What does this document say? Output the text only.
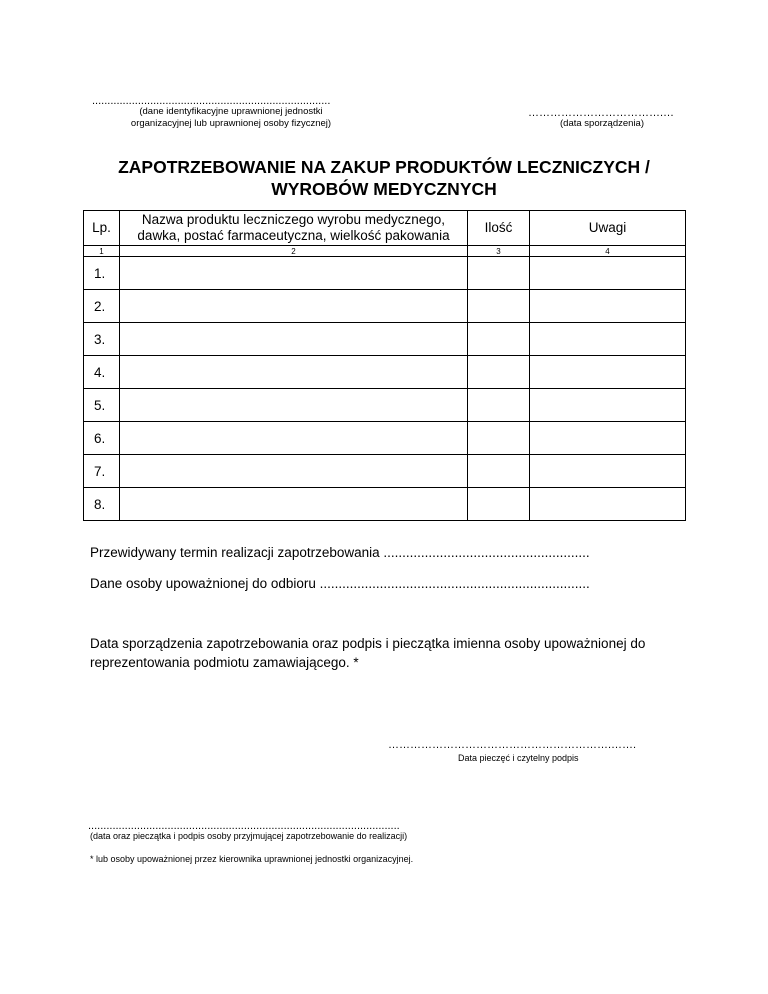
..............................................................................
(dane identyfikacyjne uprawnionej jednostki
organizacyjnej lub uprawnionej osoby fizycznej)
……………………………….…
(data sporządzenia)
ZAPOTRZEBOWANIE NA ZAKUP PRODUKTÓW LECZNICZYCH /
WYROBÓW MEDYCZNYCH
Lp.	Nazwa produktu leczniczego wyrobu medycznego,
dawka, postać farmaceutyczna, wielkość pakowania	Ilość	Uwagi
1	2	3	4
1.			
2.			
3.			
4.			
5.			
6.			
7.			
8.			
Przewidywany termin realizacji zapotrzebowania .......................................................
Dane osoby upoważnionej do odbioru ........................................................................
Data sporządzenia zapotrzebowania oraz podpis i pieczątka imienna osoby upoważnionej do
reprezentowania podmiotu zamawiającego. *
…………………………………………………….…….
Data pieczęć i czytelny podpis
......................................................................................................
(data oraz pieczątka i podpis osoby przyjmującej zapotrzebowanie do realizacji)
* lub osoby upoważnionej przez kierownika uprawnionej jednostki organizacyjnej.
